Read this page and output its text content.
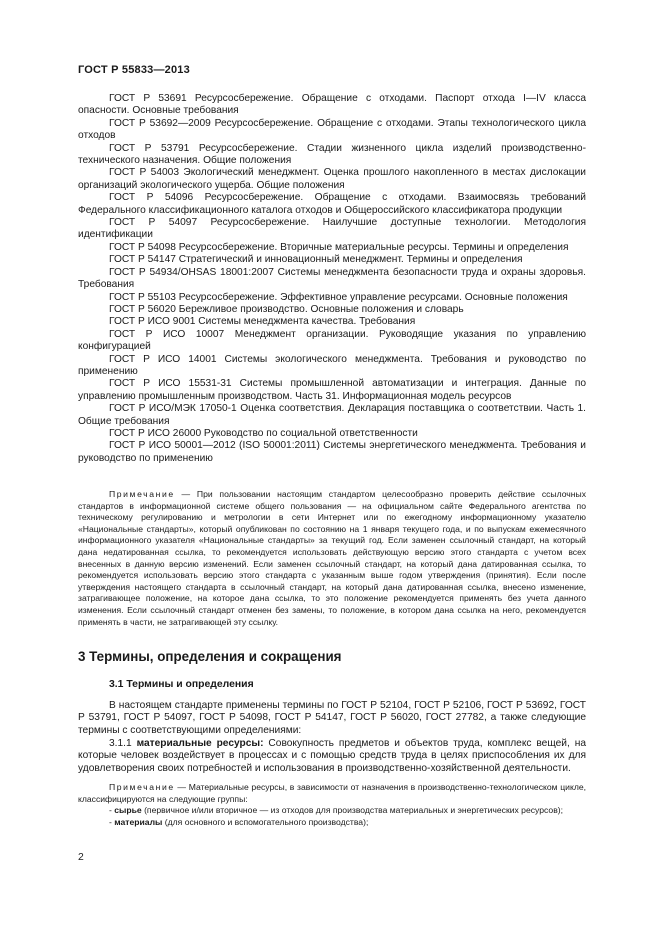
ГОСТ Р 55833—2013

ГОСТ Р 53691 Ресурсосбережение. Обращение с отходами. Паспорт отхода I—IV класса опасности. Основные требования

ГОСТ Р 53692—2009 Ресурсосбережение. Обращение с отходами. Этапы технологического цикла отходов

ГОСТ Р 53791 Ресурсосбережение. Стадии жизненного цикла изделий производственно-технического назначения. Общие положения

ГОСТ Р 54003 Экологический менеджмент. Оценка прошлого накопленного в местах дислокации организаций экологического ущерба. Общие положения

ГОСТ Р 54096 Ресурсосбережение. Обращение с отходами. Взаимосвязь требований Федерального классификационного каталога отходов и Общероссийского классификатора продукции

ГОСТ Р 54097 Ресурсосбережение. Наилучшие доступные технологии. Методология идентификации

ГОСТ Р 54098 Ресурсосбережение. Вторичные материальные ресурсы. Термины и определения

ГОСТ Р 54147 Стратегический и инновационный менеджмент. Термины и определения

ГОСТ Р 54934/OHSAS 18001:2007 Системы менеджмента безопасности труда и охраны здоровья. Требования

ГОСТ Р 55103 Ресурсосбережение. Эффективное управление ресурсами. Основные положения

ГОСТ Р 56020 Бережливое производство. Основные положения и словарь

ГОСТ Р ИСО 9001 Системы менеджмента качества. Требования

ГОСТ Р ИСО 10007 Менеджмент организации. Руководящие указания по управлению конфигурацией

ГОСТ Р ИСО 14001 Системы экологического менеджмента. Требования и руководство по применению

ГОСТ Р ИСО 15531-31 Системы промышленной автоматизации и интеграция. Данные по управлению промышленным производством. Часть 31. Информационная модель ресурсов

ГОСТ Р ИСО/МЭК 17050-1 Оценка соответствия. Декларация поставщика о соответствии. Часть 1. Общие требования

ГОСТ Р ИСО 26000 Руководство по социальной ответственности

ГОСТ Р ИСО 50001—2012 (ISO 50001:2011) Системы энергетического менеджмента. Требования и руководство по применению

Примечание — При пользовании настоящим стандартом целесообразно проверить действие ссылочных стандартов в информационной системе общего пользования — на официальном сайте Федерального агентства по техническому регулированию и метрологии в сети Интернет или по ежегодному информационному указателю «Национальные стандарты», который опубликован по состоянию на 1 января текущего года, и по выпускам ежемесячного информационного указателя «Национальные стандарты» за текущий год. Если заменен ссылочный стандарт, на который дана недатированная ссылка, то рекомендуется использовать действующую версию этого стандарта с учетом всех внесенных в данную версию изменений. Если заменен ссылочный стандарт, на который дана датированная ссылка, то рекомендуется использовать версию этого стандарта с указанным выше годом утверждения (принятия). Если после утверждения настоящего стандарта в ссылочный стандарт, на который дана датированная ссылка, внесено изменение, затрагивающее положение, на которое дана ссылка, то это положение рекомендуется применять без учета данного изменения. Если ссылочный стандарт отменен без замены, то положение, в котором дана ссылка на него, рекомендуется применять в части, не затрагивающей эту ссылку.

3 Термины, определения и сокращения
3.1 Термины и определения

В настоящем стандарте применены термины по ГОСТ Р 52104, ГОСТ Р 52106, ГОСТ Р 53692, ГОСТ Р 53791, ГОСТ Р 54097, ГОСТ Р 54098, ГОСТ Р 54147, ГОСТ Р 56020, ГОСТ 27782, а также следующие термины с соответствующими определениями:

3.1.1 материальные ресурсы: Совокупность предметов и объектов труда, комплекс вещей, на которые человек воздействует в процессах и с помощью средств труда в целях приспособления их для удовлетворения своих потребностей и использования в производственно-хозяйственной деятельности.

Примечание — Материальные ресурсы, в зависимости от назначения в производственно-технологическом цикле, классифицируются на следующие группы:
- сырье (первичное и/или вторичное — из отходов для производства материальных и энергетических ресурсов);
- материалы (для основного и вспомогательного производства);
2
